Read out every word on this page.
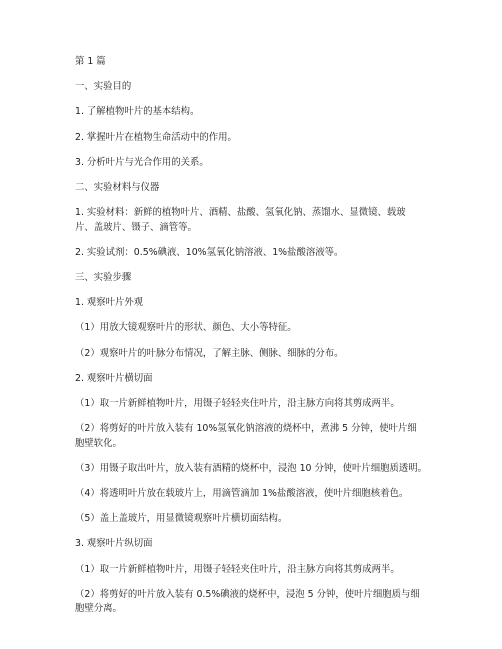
第 1 篇
一、实验目的
1. 了解植物叶片的基本结构。
2. 掌握叶片在植物生命活动中的作用。
3. 分析叶片与光合作用的关系。
二、实验材料与仪器
1. 实验材料：新鲜的植物叶片、酒精、盐酸、氢氧化钠、蒸馏水、显微镜、载玻
片、盖玻片、镊子、滴管等。
2. 实验试剂：0.5%碘液、10%氢氧化钠溶液、1%盐酸溶液等。
三、实验步骤
1. 观察叶片外观
（1）用放大镜观察叶片的形状、颜色、大小等特征。
（2）观察叶片的叶脉分布情况，了解主脉、侧脉、细脉的分布。
2. 观察叶片横切面
（1）取一片新鲜植物叶片，用镊子轻轻夹住叶片，沿主脉方向将其剪成两半。
（2）将剪好的叶片放入装有 10%氢氧化钠溶液的烧杯中，煮沸 5 分钟，使叶片细
胞壁软化。
（3）用镊子取出叶片，放入装有酒精的烧杯中，浸泡 10 分钟，使叶片细胞质透明。
（4）将透明叶片放在载玻片上，用滴管滴加 1%盐酸溶液，使叶片细胞核着色。
（5）盖上盖玻片，用显微镜观察叶片横切面结构。
3. 观察叶片纵切面
（1）取一片新鲜植物叶片，用镊子轻轻夹住叶片，沿主脉方向将其剪成两半。
（2）将剪好的叶片放入装有 0.5%碘液的烧杯中，浸泡 5 分钟，使叶片细胞质与细
胞壁分离。
